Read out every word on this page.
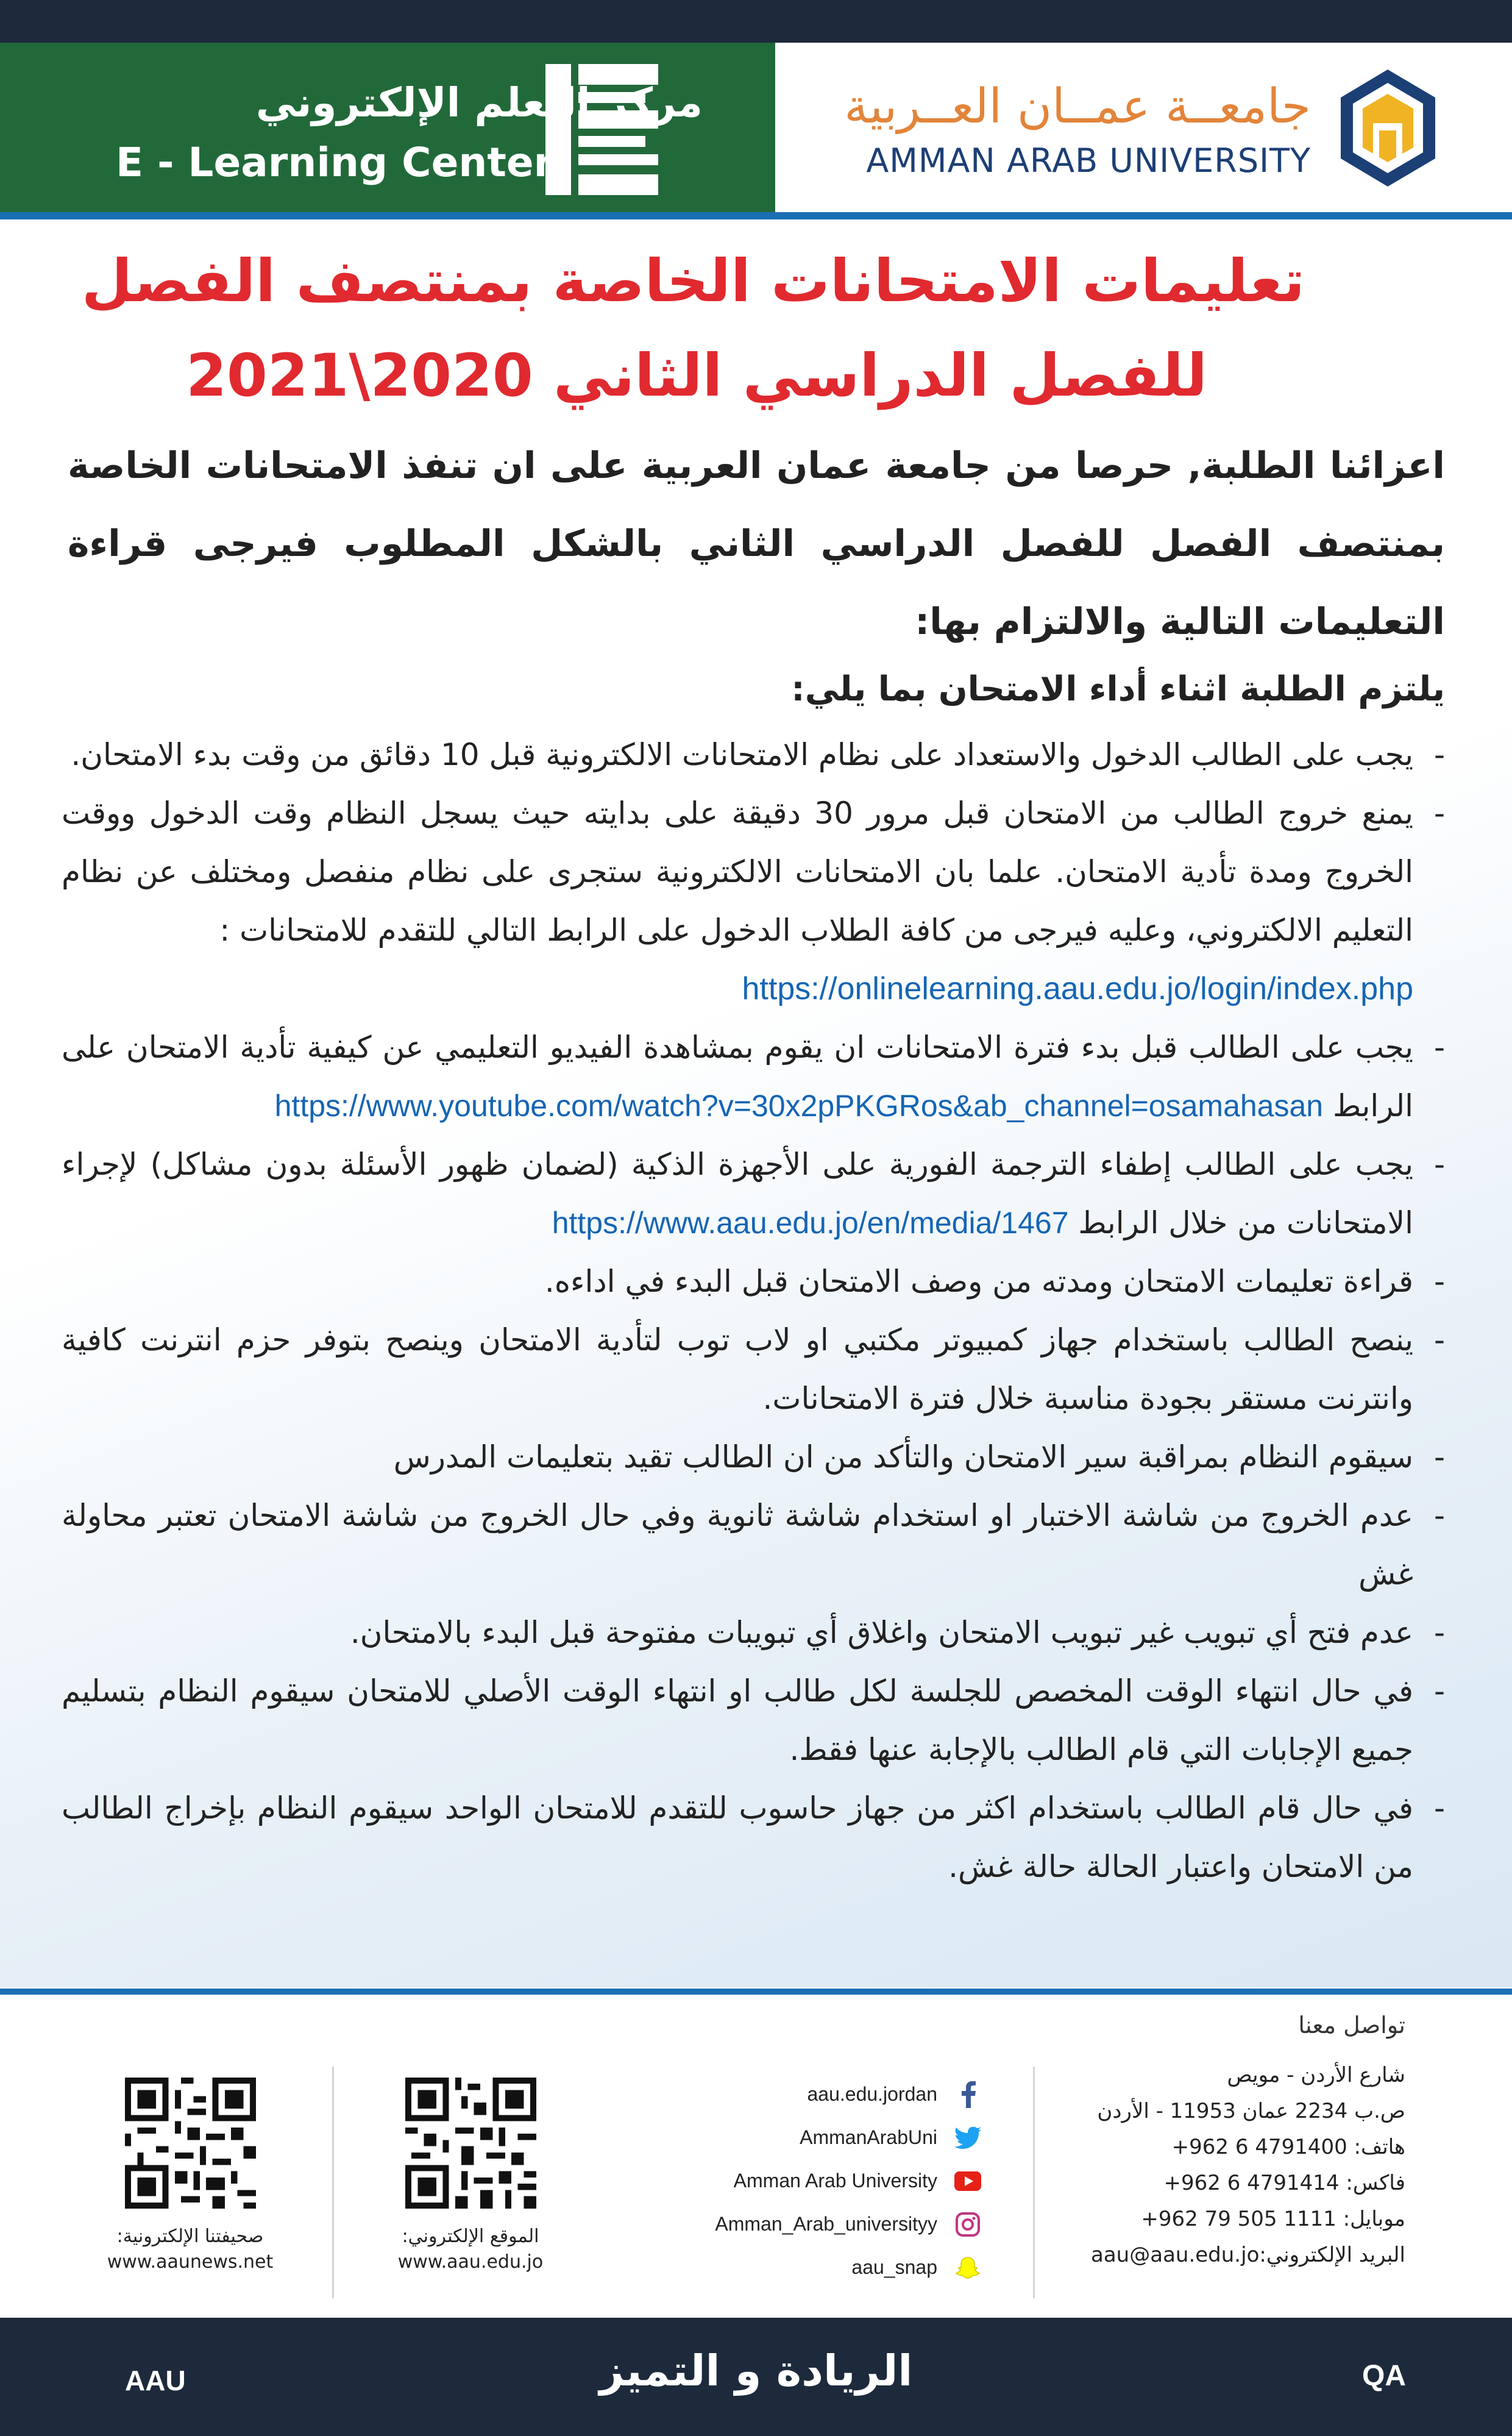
مركز التعلم الإلكتروني
E - Learning Center
جامعــة عمــان العــربية
AMMAN ARAB UNIVERSITY
تعليمات الامتحانات الخاصة بمنتصف الفصل
للفصل الدراسي الثاني 2020\2021
اعزائنا الطلبة, حرصا من جامعة عمان العربية على ان تنفذ الامتحانات الخاصة بمنتصف الفصل للفصل الدراسي الثاني بالشكل المطلوب فيرجى قراءة التعليمات التالية والالتزام بها:
يلتزم الطلبة اثناء أداء الامتحان بما يلي:
-
يجب على الطالب الدخول والاستعداد على نظام الامتحانات الالكترونية قبل 10 دقائق من وقت بدء الامتحان.
-
يمنع خروج الطالب من الامتحان قبل مرور 30 دقيقة على بدايته حيث يسجل النظام وقت الدخول ووقت الخروج ومدة تأدية الامتحان. علما بان الامتحانات الالكترونية ستجرى على نظام منفصل ومختلف عن نظام التعليم الالكتروني، وعليه فيرجى من كافة الطلاب الدخول على الرابط التالي للتقدم للامتحانات :
https://onlinelearning.aau.edu.jo/login/index.php
-
يجب على الطالب قبل بدء فترة الامتحانات ان يقوم بمشاهدة الفيديو التعليمي عن كيفية تأدية الامتحان على الرابط https://www.youtube.com/watch?v=30x2pPKGRos&ab_channel=osamahasan
-
يجب على الطالب إطفاء الترجمة الفورية على الأجهزة الذكية (لضمان ظهور الأسئلة بدون مشاكل) لإجراء الامتحانات من خلال الرابط https://www.aau.edu.jo/en/media/1467
-
قراءة تعليمات الامتحان ومدته من وصف الامتحان قبل البدء في اداءه.
-
ينصح الطالب باستخدام جهاز كمبيوتر مكتبي او لاب توب لتأدية الامتحان وينصح بتوفر حزم انترنت كافية وانترنت مستقر بجودة مناسبة خلال فترة الامتحانات.
-
سيقوم النظام بمراقبة سير الامتحان والتأكد من ان الطالب تقيد بتعليمات المدرس
-
عدم الخروج من شاشة الاختبار او استخدام شاشة ثانوية وفي حال الخروج من شاشة الامتحان تعتبر محاولة غش
-
عدم فتح أي تبويب غير تبويب الامتحان واغلاق أي تبويبات مفتوحة قبل البدء بالامتحان.
-
في حال انتهاء الوقت المخصص للجلسة لكل طالب او انتهاء الوقت الأصلي للامتحان سيقوم النظام بتسليم جميع الإجابات التي قام الطالب بالإجابة عنها فقط.
-
في حال قام الطالب باستخدام اكثر من جهاز حاسوب للتقدم للامتحان الواحد سيقوم النظام بإخراج الطالب من الامتحان واعتبار الحالة حالة غش.
تواصل معنا
شارع الأردن - مويص
ص.ب 2234 عمان 11953 - الأردن
هاتف: 4791400 6 962+
فاكس: 4791414 6 962+
موبايل: 1111 505 79 962+
البريد الإلكتروني:aau@aau.edu.jo
aau.edu.jordan
AmmanArabUni
Amman Arab University
Amman_Arab_universityy
aau_snap
الموقع الإلكتروني:
www.aau.edu.jo
صحيفتنا الإلكترونية:
www.aaunews.net
الريادة و التميز
AAU	QA
